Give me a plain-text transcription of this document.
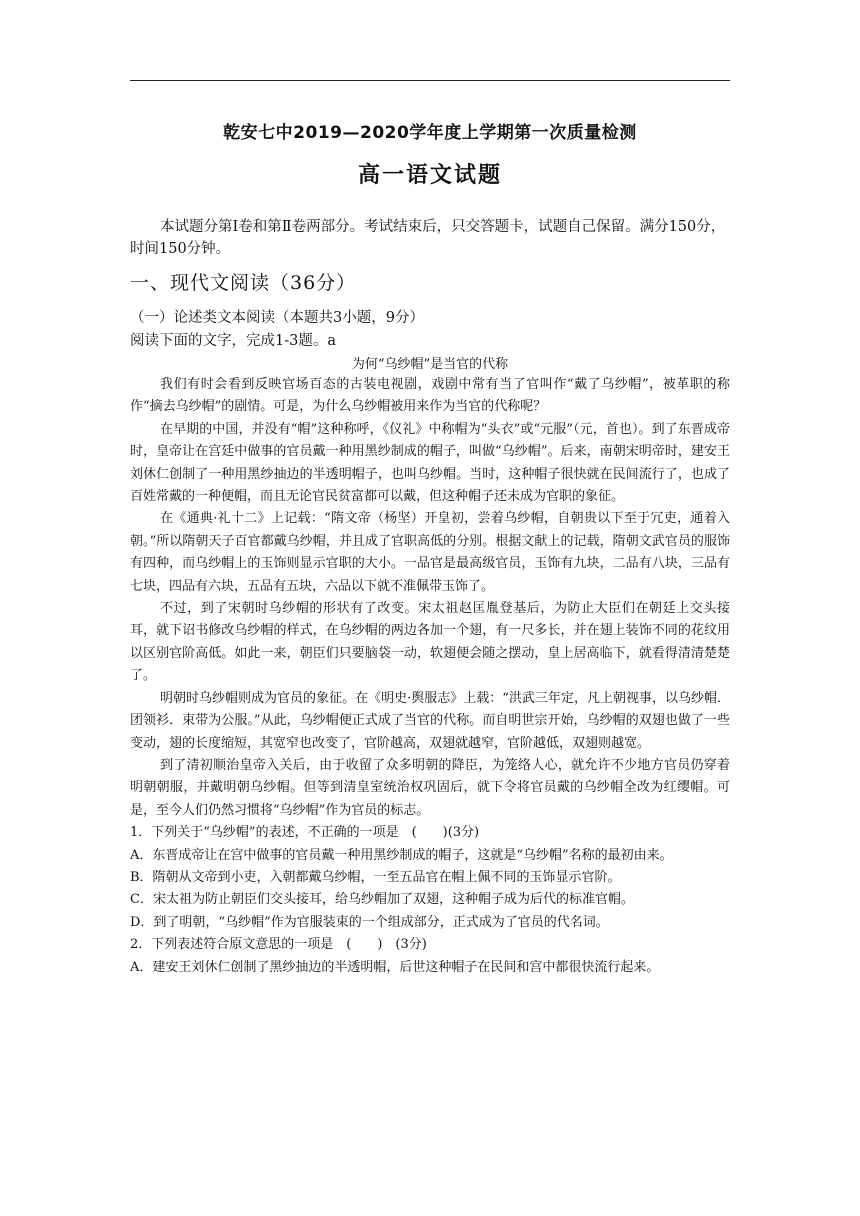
乾安七中2019—2020学年度上学期第一次质量检测
高一语文试题
本试题分第Ⅰ卷和第Ⅱ卷两部分。考试结束后，只交答题卡，试题自己保留。满分150分，时间150分钟。
一、现代文阅读（36分）
（一）论述类文本阅读（本题共3小题，9分）
阅读下面的文字，完成1-3题。a
为何“乌纱帽”是当官的代称

我们有时会看到反映官场百态的古装电视剧，戏剧中常有当了官叫作“戴了乌纱帽”，被革职的称作“摘去乌纱帽”的剧情。可是，为什么乌纱帽被用来作为当官的代称呢？

在早期的中国，并没有“帽”这种称呼，《仪礼》中称帽为“头衣”或“元服”（元，首也）。到了东晋成帝时，皇帝让在宫廷中做事的官员戴一种用黑纱制成的帽子，叫做“乌纱帽”。后来，南朝宋明帝时，建安王刘休仁创制了一种用黑纱抽边的半透明帽子，也叫乌纱帽。当时，这种帽子很快就在民间流行了，也成了百姓常戴的一种便帽，而且无论官民贫富都可以戴，但这种帽子还未成为官职的象征。

在《通典·礼十二》上记载：“隋文帝（杨坚）开皇初，尝着乌纱帽，自朝贵以下至于冗吏，通着入朝。”所以隋朝天子百官都戴乌纱帽，并且成了官职高低的分别。根据文献上的记载，隋朝文武官员的服饰有四种，而乌纱帽上的玉饰则显示官职的大小。一品官是最高级官员，玉饰有九块，二品有八块，三品有七块，四品有六块，五品有五块，六品以下就不准佩带玉饰了。

不过，到了宋朝时乌纱帽的形状有了改变。宋太祖赵匡胤登基后，为防止大臣们在朝廷上交头接耳，就下诏书修改乌纱帽的样式，在乌纱帽的两边各加一个翅，有一尺多长，并在翅上装饰不同的花纹用以区别官阶高低。如此一来，朝臣们只要脑袋一动，软翅便会随之摆动，皇上居高临下，就看得清清楚楚了。

明朝时乌纱帽则成为官员的象征。在《明史·舆服志》上载：“洪武三年定，凡上朝视事，以乌纱帽．团领衫．束带为公服。”从此，乌纱帽便正式成了当官的代称。而自明世宗开始，乌纱帽的双翅也做了一些变动，翅的长度缩短，其宽窄也改变了，官阶越高，双翅就越窄，官阶越低，双翅则越宽。

到了清初顺治皇帝入关后，由于收留了众多明朝的降臣，为笼络人心，就允许不少地方官员仍穿着明朝朝服，并戴明朝乌纱帽。但等到清皇室统治权巩固后，就下令将官员戴的乌纱帽全改为红缨帽。可是，至今人们仍然习惯将“乌纱帽”作为官员的标志。

1．下列关于“乌纱帽”的表述，不正确的一项是　(　　)(3分)

A．东晋成帝让在宫中做事的官员戴一种用黑纱制成的帽子，这就是“乌纱帽”名称的最初由来。

B．隋朝从文帝到小吏，入朝都戴乌纱帽，一至五品官在帽上佩不同的玉饰显示官阶。

C．宋太祖为防止朝臣们交头接耳，给乌纱帽加了双翅，这种帽子成为后代的标准官帽。

D．到了明朝，“乌纱帽”作为官服装束的一个组成部分，正式成为了官员的代名词。

2．下列表述符合原文意思的一项是　(　　)　(3分)

A．建安王刘休仁创制了黑纱抽边的半透明帽，后世这种帽子在民间和宫中都很快流行起来。
